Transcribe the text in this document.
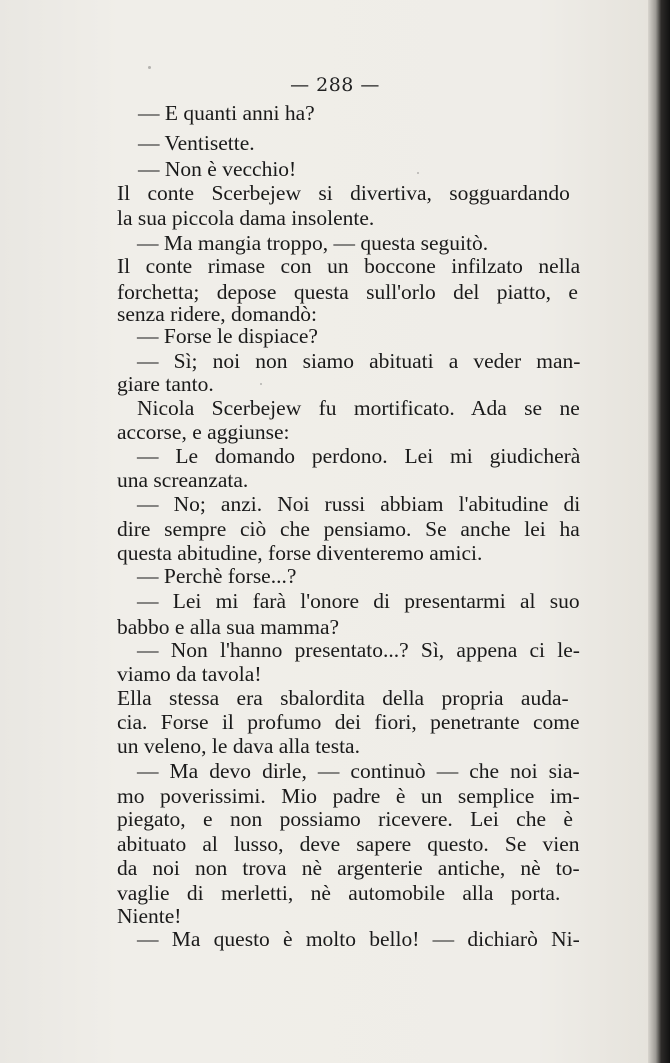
— 288 —
— E quanti anni ha?
— Ventisette.
— Non è vecchio!
Il conte Scerbejew si divertiva, sogguardando
la sua piccola dama insolente.
— Ma mangia troppo, — questa seguitò.
Il conte rimase con un boccone infilzato nella
forchetta; depose questa sull'orlo del piatto, e
senza ridere, domandò:
— Forse le dispiace?
— Sì; noi non siamo abituati a veder man-
giare tanto.
Nicola Scerbejew fu mortificato. Ada se ne
accorse, e aggiunse:
— Le domando perdono. Lei mi giudicherà
una screanzata.
— No; anzi. Noi russi abbiam l'abitudine di
dire sempre ciò che pensiamo. Se anche lei ha
questa abitudine, forse diventeremo amici.
— Perchè forse...?
— Lei mi farà l'onore di presentarmi al suo
babbo e alla sua mamma?
— Non l'hanno presentato...? Sì, appena ci le-
viamo da tavola!
Ella stessa era sbalordita della propria auda-
cia. Forse il profumo dei fiori, penetrante come
un veleno, le dava alla testa.
— Ma devo dirle, — continuò — che noi sia-
mo poverissimi. Mio padre è un semplice im-
piegato, e non possiamo ricevere. Lei che è
abituato al lusso, deve sapere questo. Se vien
da noi non trova nè argenterie antiche, nè to-
vaglie di merletti, nè automobile alla porta.
Niente!
— Ma questo è molto bello! — dichiarò Ni-
